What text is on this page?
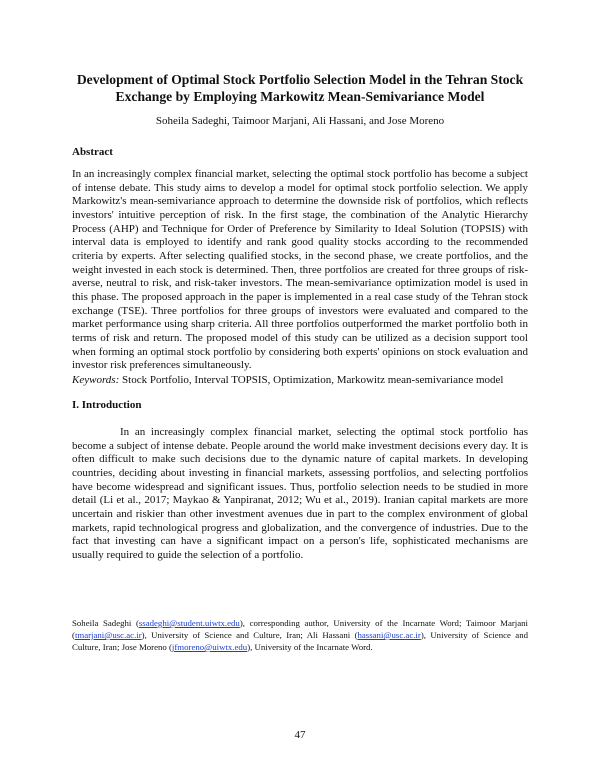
Development of Optimal Stock Portfolio Selection Model in the Tehran Stock Exchange by Employing Markowitz Mean-Semivariance Model
Soheila Sadeghi, Taimoor Marjani, Ali Hassani, and Jose Moreno
Abstract

In an increasingly complex financial market, selecting the optimal stock portfolio has become a subject of intense debate. This study aims to develop a model for optimal stock portfolio selection. We apply Markowitz's mean-semivariance approach to determine the downside risk of portfolios, which reflects investors' intuitive perception of risk. In the first stage, the combination of the Analytic Hierarchy Process (AHP) and Technique for Order of Preference by Similarity to Ideal Solution (TOPSIS) with interval data is employed to identify and rank good quality stocks according to the recommended criteria by experts. After selecting qualified stocks, in the second phase, we create portfolios, and the weight invested in each stock is determined. Then, three portfolios are created for three groups of risk-averse, neutral to risk, and risk-taker investors. The mean-semivariance optimization model is used in this phase. The proposed approach in the paper is implemented in a real case study of the Tehran stock exchange (TSE). Three portfolios for three groups of investors were evaluated and compared to the market performance using sharp criteria. All three portfolios outperformed the market portfolio both in terms of risk and return. The proposed model of this study can be utilized as a decision support tool when forming an optimal stock portfolio by considering both experts' opinions on stock evaluation and investor risk preferences simultaneously.

Keywords: Stock Portfolio, Interval TOPSIS, Optimization, Markowitz mean-semivariance model
I. Introduction

In an increasingly complex financial market, selecting the optimal stock portfolio has become a subject of intense debate. People around the world make investment decisions every day. It is often difficult to make such decisions due to the dynamic nature of capital markets. In developing countries, deciding about investing in financial markets, assessing portfolios, and selecting portfolios have become widespread and significant issues. Thus, portfolio selection needs to be studied in more detail (Li et al., 2017; Maykao & Yanpiranat, 2012; Wu et al., 2019). Iranian capital markets are more uncertain and riskier than other investment avenues due in part to the complex environment of global markets, rapid technological progress and globalization, and the convergence of industries. Due to the fact that investing can have a significant impact on a person's life, sophisticated mechanisms are usually required to guide the selection of a portfolio.

Soheila Sadeghi (ssadeghi@student.uiwtx.edu), corresponding author, University of the Incarnate Word; Taimoor Marjani (tmarjani@usc.ac.ir), University of Science and Culture, Iran; Ali Hassani (hassani@usc.ac.ir), University of Science and Culture, Iran; Jose Moreno (jfmoreno@uiwtx.edu), University of the Incarnate Word.

47
